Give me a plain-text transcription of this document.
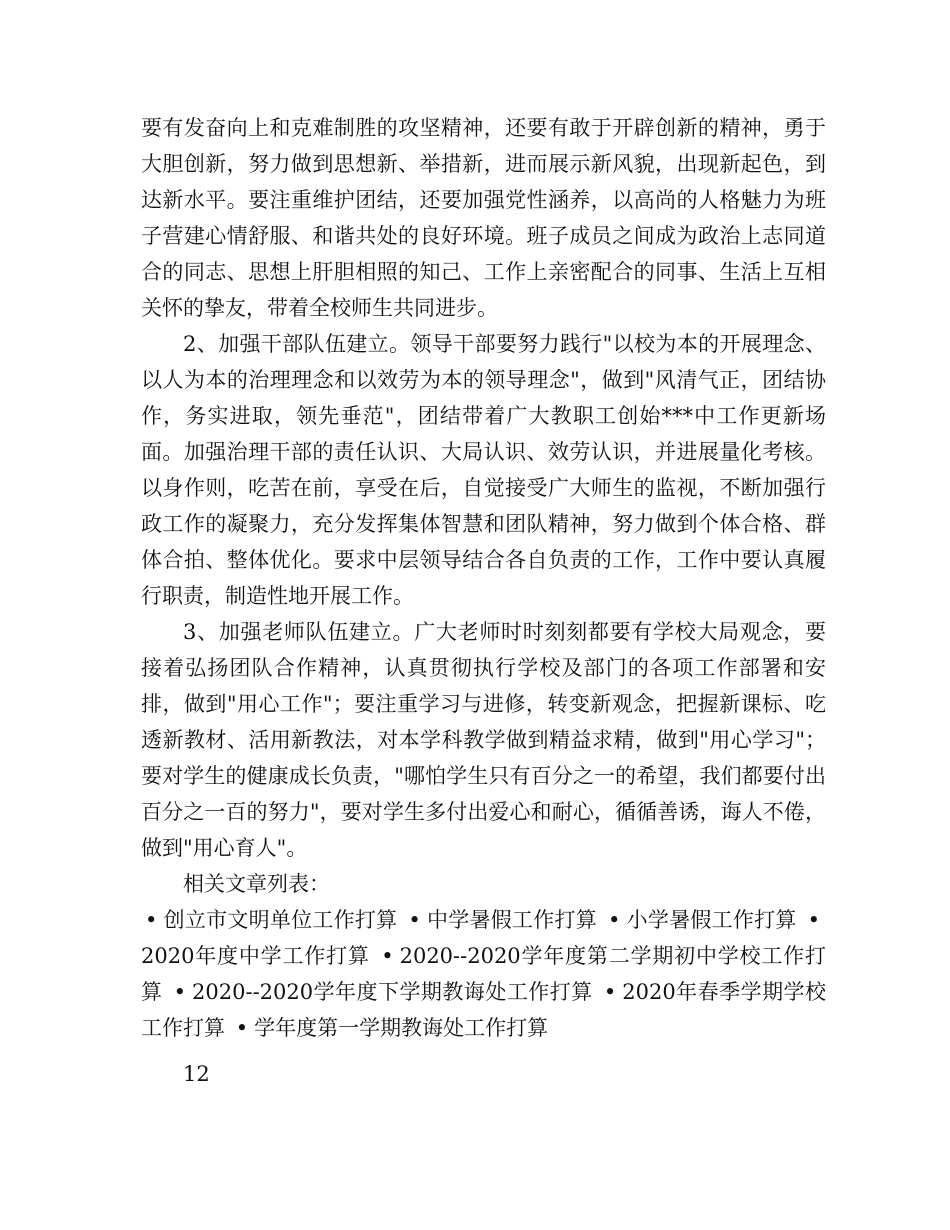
要有发奋向上和克难制胜的攻坚精神，还要有敢于开辟创新的精神，勇于大胆创新，努力做到思想新、举措新，进而展示新风貌，出现新起色，到达新水平。要注重维护团结，还要加强党性涵养，以高尚的人格魅力为班子营建心情舒服、和谐共处的良好环境。班子成员之间成为政治上志同道合的同志、思想上肝胆相照的知己、工作上亲密配合的同事、生活上互相关怀的挚友，带着全校师生共同进步。

2、加强干部队伍建立。领导干部要努力践行"以校为本的开展理念、以人为本的治理理念和以效劳为本的领导理念"，做到"风清气正，团结协作，务实进取，领先垂范"，团结带着广大教职工创始***中工作更新场面。加强治理干部的责任认识、大局认识、效劳认识，并进展量化考核。以身作则，吃苦在前，享受在后，自觉接受广大师生的监视，不断加强行政工作的凝聚力，充分发挥集体智慧和团队精神，努力做到个体合格、群体合拍、整体优化。要求中层领导结合各自负责的工作，工作中要认真履行职责，制造性地开展工作。

3、加强老师队伍建立。广大老师时时刻刻都要有学校大局观念，要接着弘扬团队合作精神，认真贯彻执行学校及部门的各项工作部署和安排，做到"用心工作"；要注重学习与进修，转变新观念，把握新课标、吃透新教材、活用新教法，对本学科教学做到精益求精，做到"用心学习"；要对学生的健康成长负责，"哪怕学生只有百分之一的希望，我们都要付出百分之一百的努力"，要对学生多付出爱心和耐心，循循善诱，诲人不倦，做到"用心育人"。

相关文章列表：

• 创立市文明单位工作打算 • 中学暑假工作打算 • 小学暑假工作打算 •2020年度中学工作打算 • 2020--2020学年度第二学期初中学校工作打算 • 2020--2020学年度下学期教诲处工作打算 • 2020年春季学期学校工作打算 • 学年度第一学期教诲处工作打算

12
